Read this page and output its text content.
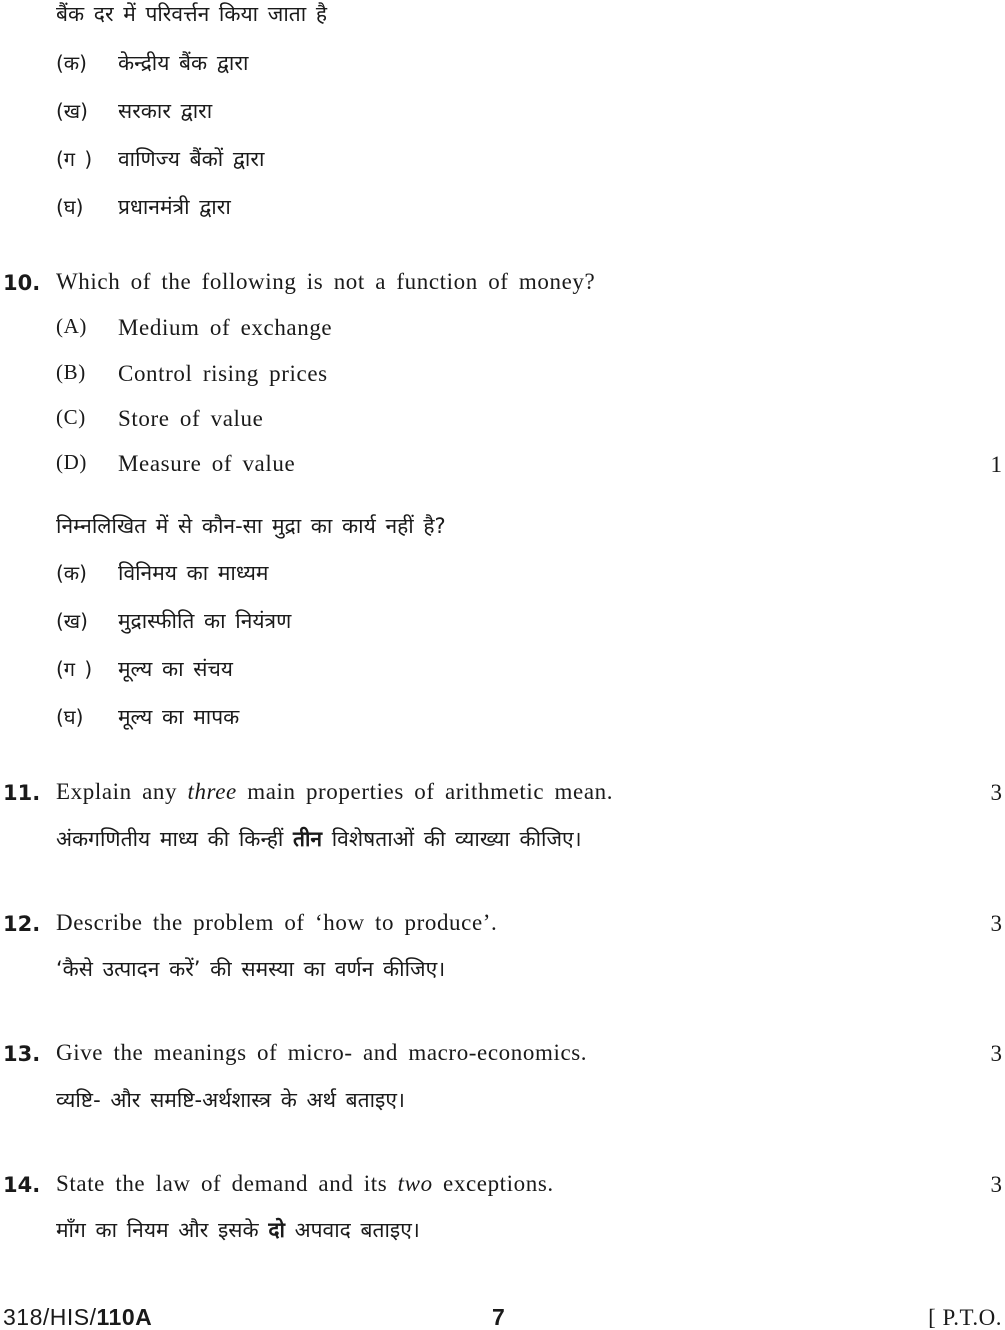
बैंक दर में परिवर्त्तन किया जाता है
(क) केन्द्रीय बैंक द्वारा
(ख) सरकार द्वारा
(ग ) वाणिज्य बैंकों द्वारा
(घ) प्रधानमंत्री द्वारा
10. Which of the following is not a function of money?
(A) Medium of exchange
(B) Control rising prices
(C) Store of value
(D) Measure of value	1
निम्नलिखित में से कौन-सा मुद्रा का कार्य नहीं है?
(क) विनिमय का माध्यम
(ख) मुद्रास्फीति का नियंत्रण
(ग ) मूल्य का संचय
(घ) मूल्य का मापक
11. Explain any three main properties of arithmetic mean.	3
अंकगणितीय माध्य की किन्हीं तीन विशेषताओं की व्याख्या कीजिए।
12. Describe the problem of ‘how to produce’.	3
‘कैसे उत्पादन करें’ की समस्या का वर्णन कीजिए।
13. Give the meanings of micro- and macro-economics.	3
व्यष्टि- और समष्टि-अर्थशास्त्र के अर्थ बताइए।
14. State the law of demand and its two exceptions.	3
माँग का नियम और इसके दो अपवाद बताइए।
318/HIS/110A	7	[ P.T.O.
